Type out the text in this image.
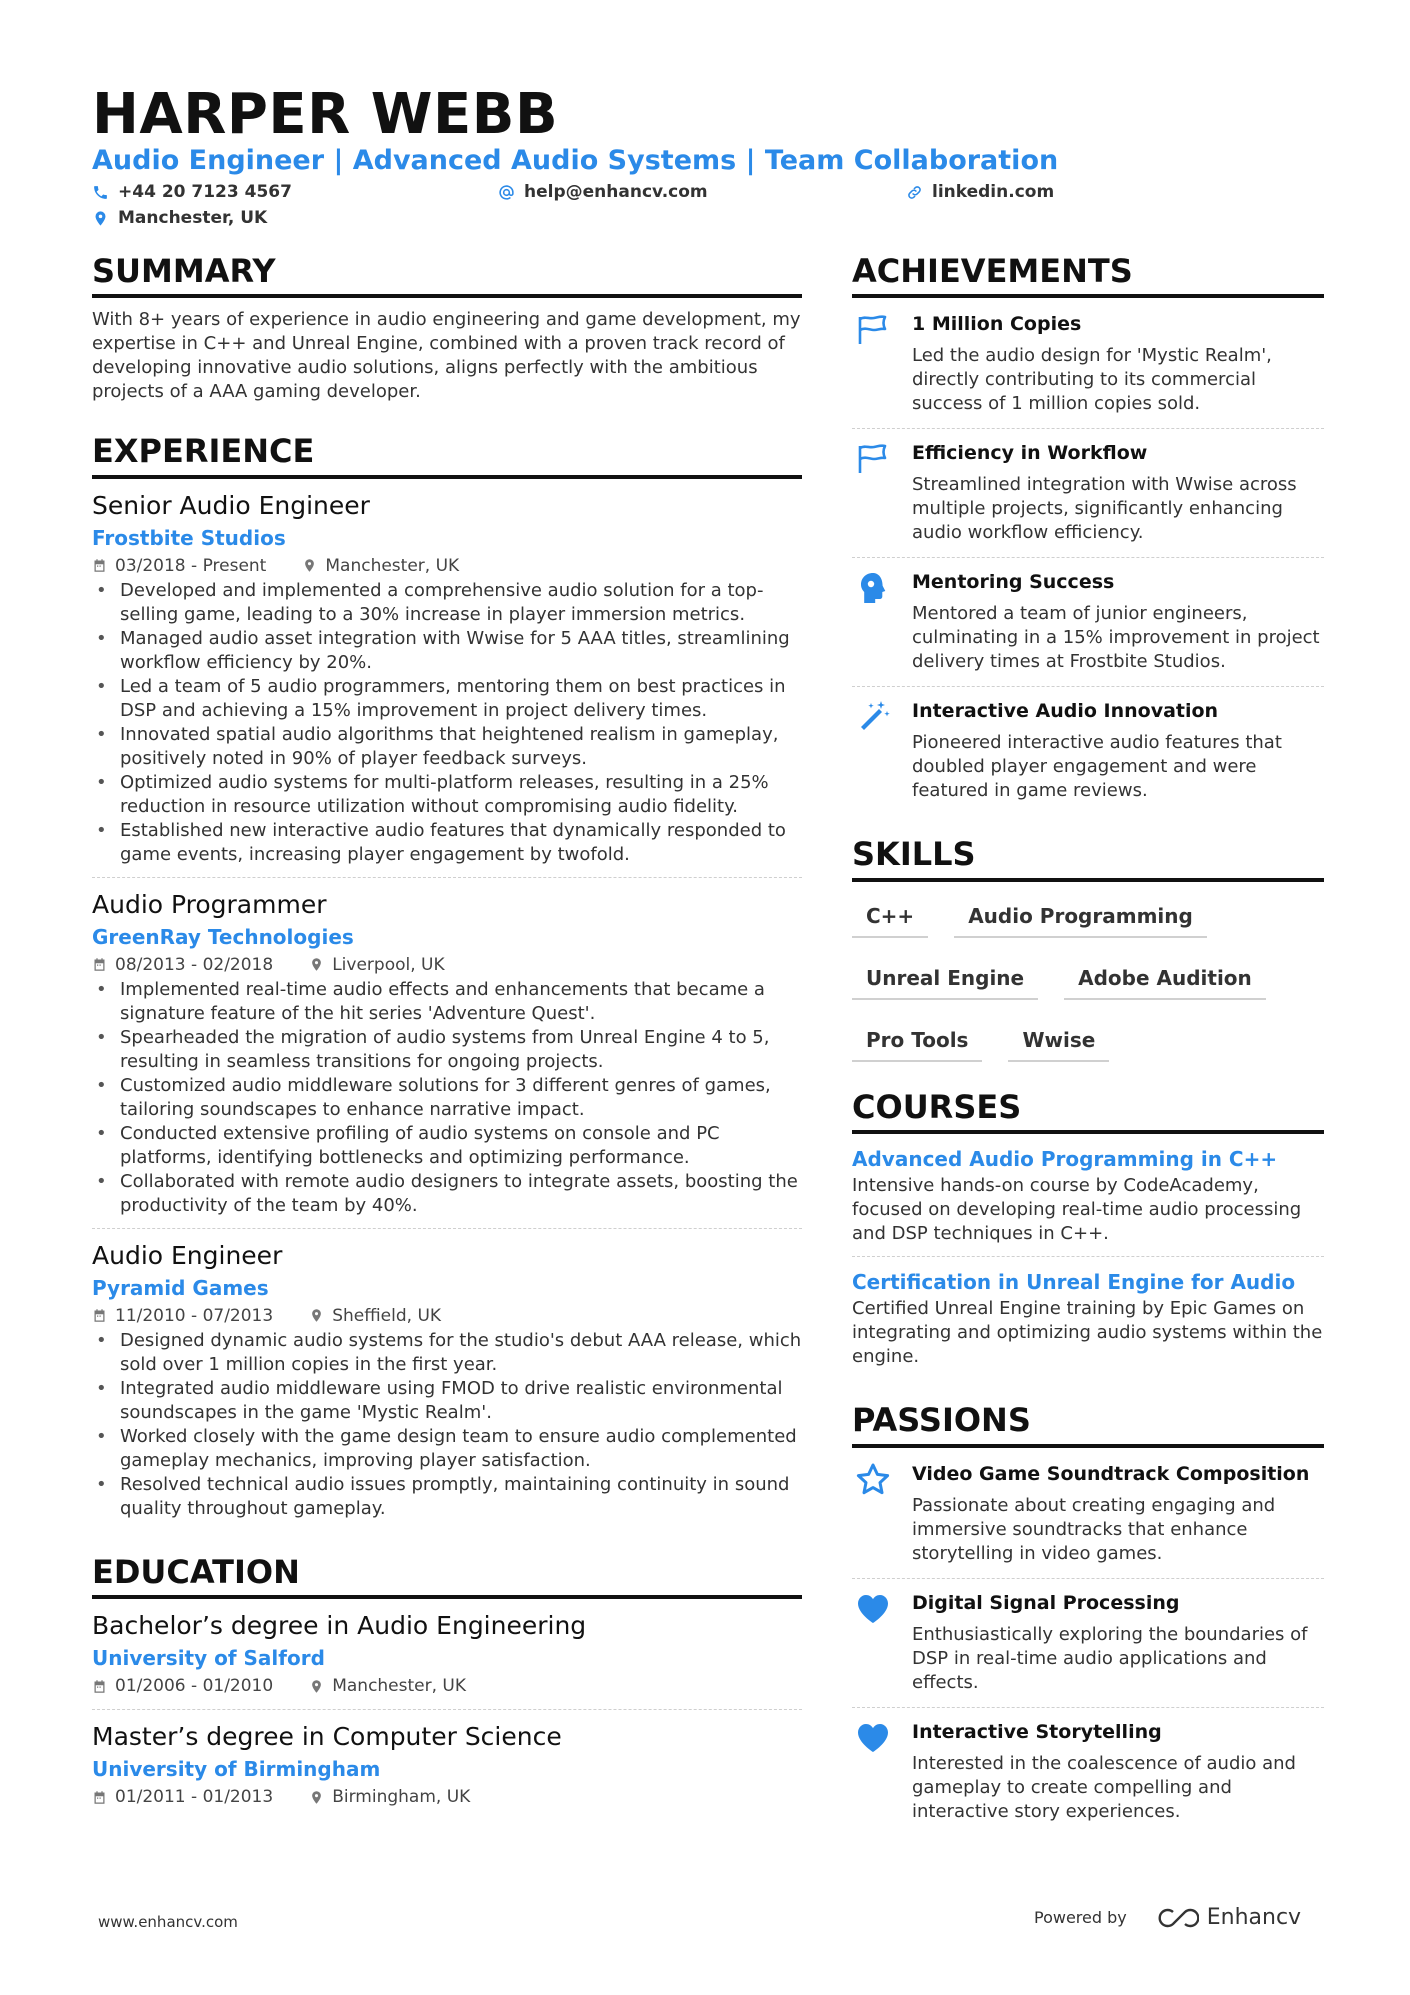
HARPER WEBB
Audio Engineer | Advanced Audio Systems | Team Collaboration
+44 20 7123 4567	help@enhancv.com	linkedin.com
Manchester, UK
SUMMARY

With 8+ years of experience in audio engineering and game development, my expertise in C++ and Unreal Engine, combined with a proven track record of developing innovative audio solutions, aligns perfectly with the ambitious projects of a AAA gaming developer.

EXPERIENCE
Senior Audio Engineer
Frostbite Studios
03/2018 - Present	Manchester, UK
• Developed and implemented a comprehensive audio solution for a top-selling game, leading to a 30% increase in player immersion metrics.
• Managed audio asset integration with Wwise for 5 AAA titles, streamlining workflow efficiency by 20%.
• Led a team of 5 audio programmers, mentoring them on best practices in DSP and achieving a 15% improvement in project delivery times.
• Innovated spatial audio algorithms that heightened realism in gameplay, positively noted in 90% of player feedback surveys.
• Optimized audio systems for multi-platform releases, resulting in a 25% reduction in resource utilization without compromising audio fidelity.
• Established new interactive audio features that dynamically responded to game events, increasing player engagement by twofold.
Audio Programmer
GreenRay Technologies
08/2013 - 02/2018	Liverpool, UK
• Implemented real-time audio effects and enhancements that became a signature feature of the hit series 'Adventure Quest'.
• Spearheaded the migration of audio systems from Unreal Engine 4 to 5, resulting in seamless transitions for ongoing projects.
• Customized audio middleware solutions for 3 different genres of games, tailoring soundscapes to enhance narrative impact.
• Conducted extensive profiling of audio systems on console and PC platforms, identifying bottlenecks and optimizing performance.
• Collaborated with remote audio designers to integrate assets, boosting the productivity of the team by 40%.
Audio Engineer
Pyramid Games
11/2010 - 07/2013	Sheffield, UK
• Designed dynamic audio systems for the studio's debut AAA release, which sold over 1 million copies in the first year.
• Integrated audio middleware using FMOD to drive realistic environmental soundscapes in the game 'Mystic Realm'.
• Worked closely with the game design team to ensure audio complemented gameplay mechanics, improving player satisfaction.
• Resolved technical audio issues promptly, maintaining continuity in sound quality throughout gameplay.
EDUCATION
Bachelor’s degree in Audio Engineering
University of Salford
01/2006 - 01/2010	Manchester, UK
Master’s degree in Computer Science
University of Birmingham
01/2011 - 01/2013	Birmingham, UK
ACHIEVEMENTS
1 Million Copies
Led the audio design for 'Mystic Realm', directly contributing to its commercial success of 1 million copies sold.
Efficiency in Workflow
Streamlined integration with Wwise across multiple projects, significantly enhancing audio workflow efficiency.
Mentoring Success
Mentored a team of junior engineers, culminating in a 15% improvement in project delivery times at Frostbite Studios.
Interactive Audio Innovation
Pioneered interactive audio features that doubled player engagement and were featured in game reviews.
SKILLS
C++	Audio Programming
Unreal Engine	Adobe Audition
Pro Tools	Wwise
COURSES
Advanced Audio Programming in C++
Intensive hands-on course by CodeAcademy, focused on developing real-time audio processing and DSP techniques in C++.
Certification in Unreal Engine for Audio
Certified Unreal Engine training by Epic Games on integrating and optimizing audio systems within the engine.
PASSIONS
Video Game Soundtrack Composition
Passionate about creating engaging and immersive soundtracks that enhance storytelling in video games.
Digital Signal Processing
Enthusiastically exploring the boundaries of DSP in real-time audio applications and effects.
Interactive Storytelling
Interested in the coalescence of audio and gameplay to create compelling and interactive story experiences.
www.enhancv.com	Powered by	Enhancv
